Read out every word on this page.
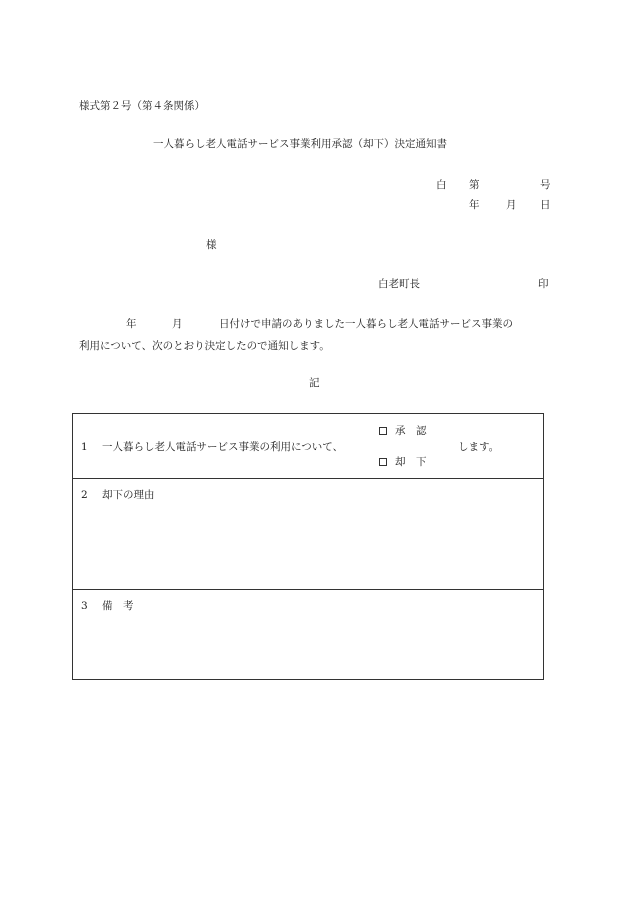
様式第２号（第４条関係）
一人暮らし老人電話サービス事業利用承認（却下）決定通知書
白 第	号
年	月 日
様
白老町長	印
年	月	日付けで申請のありました一人暮らし老人電話サービス事業の
利用について、次のとおり決定したので通知します。
記
1 一人暮らし老人電話サービス事業の利用について、
承　認
却　下
します。
2 却下の理由
3 備　考
